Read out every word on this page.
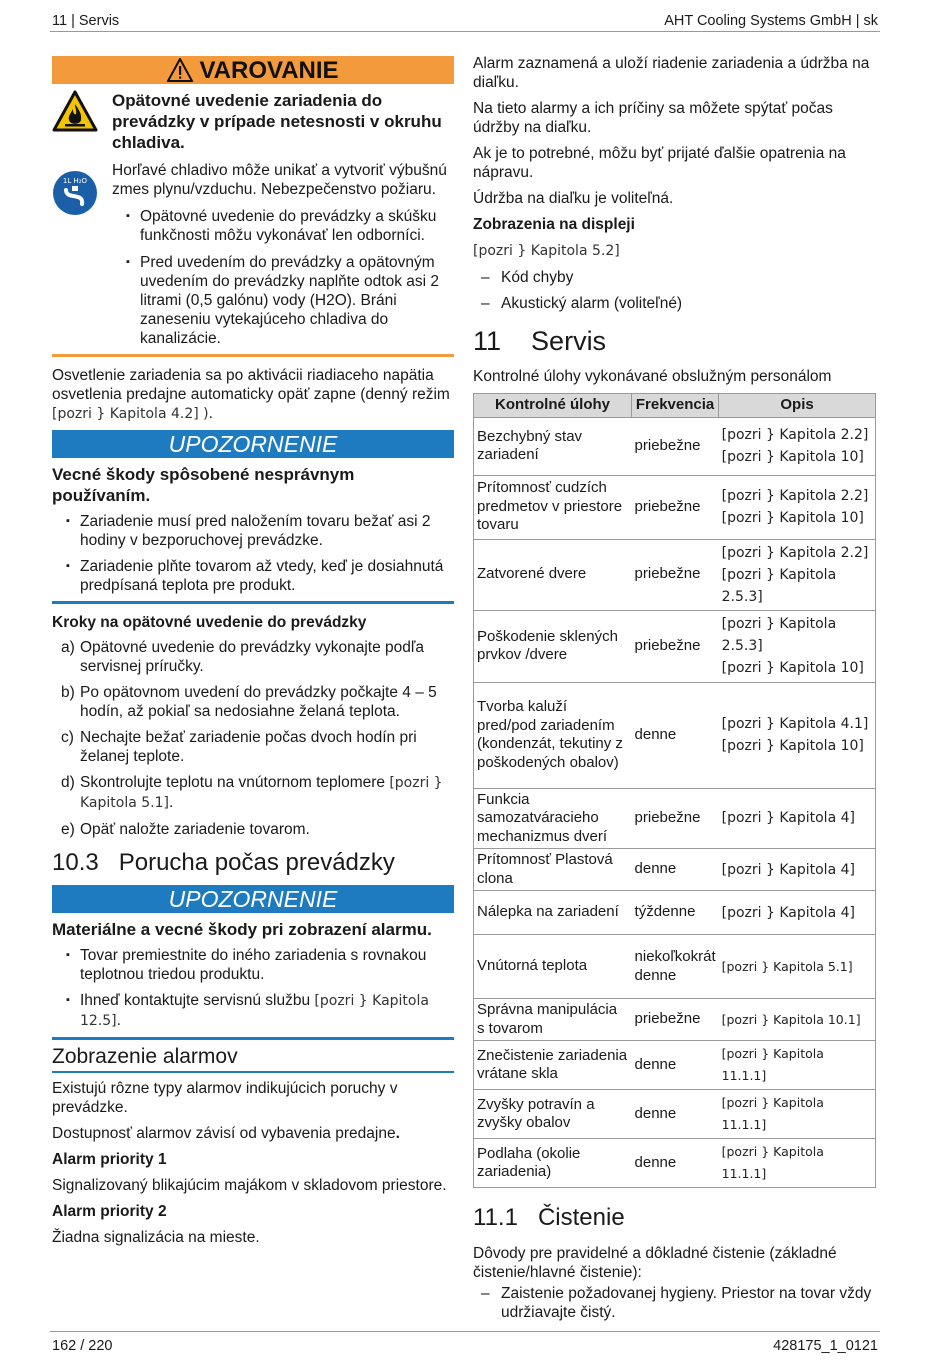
11 | Servis	AHT Cooling Systems GmbH | sk
162 / 220	428175_1_0121
VAROVANIE
1L H₂O

Opätovné uvedenie zariadenia do prevádzky v prípade netesnosti v okruhu chladiva.

Horľavé chladivo môže unikať a vytvoriť výbušnú zmes plynu/vzduchu. Nebezpečenstvo požiaru.

▪ Opätovné uvedenie do prevádzky a skúšku funkčnosti môžu vykonávať len odborníci.

▪ Pred uvedením do prevádzky a opätovným uvedením do prevádzky naplňte odtok asi 2 litrami (0,5 galónu) vody (H2O). Bráni zaneseniu vytekajúceho chladiva do kanalizácie.

Osvetlenie zariadenia sa po aktivácii riadiaceho napätia osvetlenia predajne automaticky opäť zapne (denný režim [pozri } Kapitola 4.2] ).

UPOZORNENIE

Vecné škody spôsobené nesprávnym používaním.

▪ Zariadenie musí pred naložením tovaru bežať asi 2 hodiny v bezporuchovej prevádzke.

▪ Zariadenie plňte tovarom až vtedy, keď je dosiahnutá predpísaná teplota pre produkt.

Kroky na opätovné uvedenie do prevádzky

a) Opätovné uvedenie do prevádzky vykonajte podľa servisnej príručky.

b) Po opätovnom uvedení do prevádzky počkajte 4 – 5 hodín, až pokiaľ sa nedosiahne želaná teplota.

c) Nechajte bežať zariadenie počas dvoch hodín pri želanej teplote.

d) Skontrolujte teplotu na vnútornom teplomere [pozri } Kapitola 5.1].

e) Opäť naložte zariadenie tovarom.

10.3 Porucha počas prevádzky
UPOZORNENIE

Materiálne a vecné škody pri zobrazení alarmu.

▪ Tovar premiestnite do iného zariadenia s rovnakou teplotnou triedou produktu.

▪ Ihneď kontaktujte servisnú službu [pozri } Kapitola 12.5].

Zobrazenie alarmov

Existujú rôzne typy alarmov indikujúcich poruchy v prevádzke.

Dostupnosť alarmov závisí od vybavenia predajne.

Alarm priority 1

Signalizovaný blikajúcim majákom v skladovom priestore.

Alarm priority 2

Žiadna signalizácia na mieste.

Alarm zaznamená a uloží riadenie zariadenia a údržba na diaľku.

Na tieto alarmy a ich príčiny sa môžete spýtať počas údržby na diaľku.

Ak je to potrebné, môžu byť prijaté ďalšie opatrenia na nápravu.

Údržba na diaľku je voliteľná.

Zobrazenia na displeji

[pozri } Kapitola 5.2]

– Kód chyby

– Akustický alarm (voliteľné)

11 Servis

Kontrolné úlohy vykonávané obslužným personálom

Kontrolné úlohy	Frekvencia	Opis
Bezchybný stav zariadení	priebežne	[pozri } Kapitola 2.2]
[pozri } Kapitola 10]

Prítomnosť cudzích predmetov v priestore tovaru	priebežne	[pozri } Kapitola 2.2]
[pozri } Kapitola 10]

Zatvorené dvere	priebežne	[pozri } Kapitola 2.2]
[pozri } Kapitola 2.5.3]

Poškodenie sklených prvkov /dvere	priebežne	[pozri } Kapitola 2.5.3]
[pozri } Kapitola 10]

Tvorba kaluží pred/pod zariadením (kondenzát, tekutiny z poškodených obalov)	denne	[pozri } Kapitola 4.1]
[pozri } Kapitola 10]

Funkcia samozatváracieho mechanizmus dverí	priebežne	[pozri } Kapitola 4]

Prítomnosť Plastová clona	denne	[pozri } Kapitola 4]

Nálepka na zariadení	týždenne	[pozri } Kapitola 4]

Vnútorná teplota	niekoľkokrát denne	[pozri } Kapitola 5.1]

Správna manipulácia s tovarom	priebežne	[pozri } Kapitola 10.1]

Znečistenie zariadenia vrátane skla	denne	[pozri } Kapitola 11.1.1]

Zvyšky potravín a zvyšky obalov	denne	[pozri } Kapitola 11.1.1]

Podlaha (okolie zariadenia)	denne	[pozri } Kapitola 11.1.1]
11.1 Čistenie

Dôvody pre pravidelné a dôkladné čistenie (základné čistenie/hlavné čistenie):

– Zaistenie požadovanej hygieny. Priestor na tovar vždy udržiavajte čistý.
